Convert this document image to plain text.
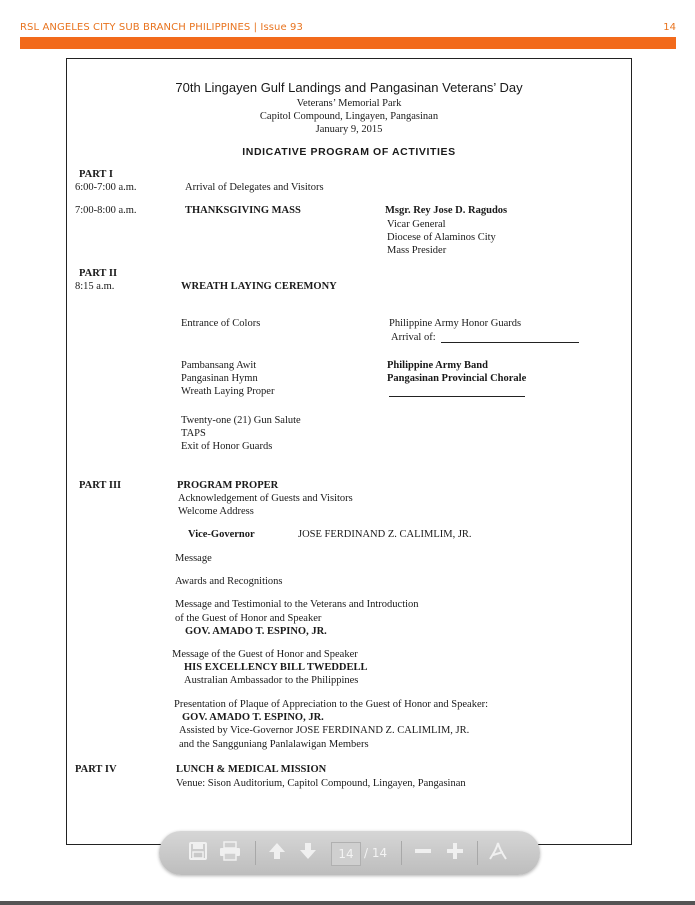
RSL ANGELES CITY SUB BRANCH PHILIPPINES | Issue 93	14
70th Lingayen Gulf Landings and Pangasinan Veterans’ Day
Veterans’ Memorial Park
Capitol Compound, Lingayen, Pangasinan
January 9, 2015
INDICATIVE PROGRAM OF ACTIVITIES
PART I
6:00-7:00 a.m.	Arrival of Delegates and Visitors
7:00-8:00 a.m.	THANKSGIVING MASS	Msgr. Rey Jose D. Ragudos
Vicar General
Diocese of Alaminos City
Mass Presider
PART II
8:15 a.m.	WREATH LAYING CEREMONY
Entrance of Colors	Philippine Army Honor Guards
Arrival of:
Pambansang Awit	Philippine Army Band
Pangasinan Hymn	Pangasinan Provincial Chorale
Wreath Laying Proper
Twenty-one (21) Gun Salute
TAPS
Exit of Honor Guards
PART III	PROGRAM PROPER
Acknowledgement of Guests and Visitors
Welcome Address
Vice-Governor	JOSE FERDINAND Z. CALIMLIM, JR.
Message
Awards and Recognitions
Message and Testimonial to the Veterans and Introduction
of the Guest of Honor and Speaker
GOV. AMADO T. ESPINO, JR.
Message of the Guest of Honor and Speaker
HIS EXCELLENCY BILL TWEDDELL
Australian Ambassador to the Philippines
Presentation of Plaque of Appreciation to the Guest of Honor and Speaker:
GOV. AMADO T. ESPINO, JR.
Assisted by Vice-Governor JOSE FERDINAND Z. CALIMLIM, JR.
and the Sangguniang Panlalawigan Members
PART IV	LUNCH & MEDICAL MISSION
Venue: Sison Auditorium, Capitol Compound, Lingayen, Pangasinan
14 / 14
